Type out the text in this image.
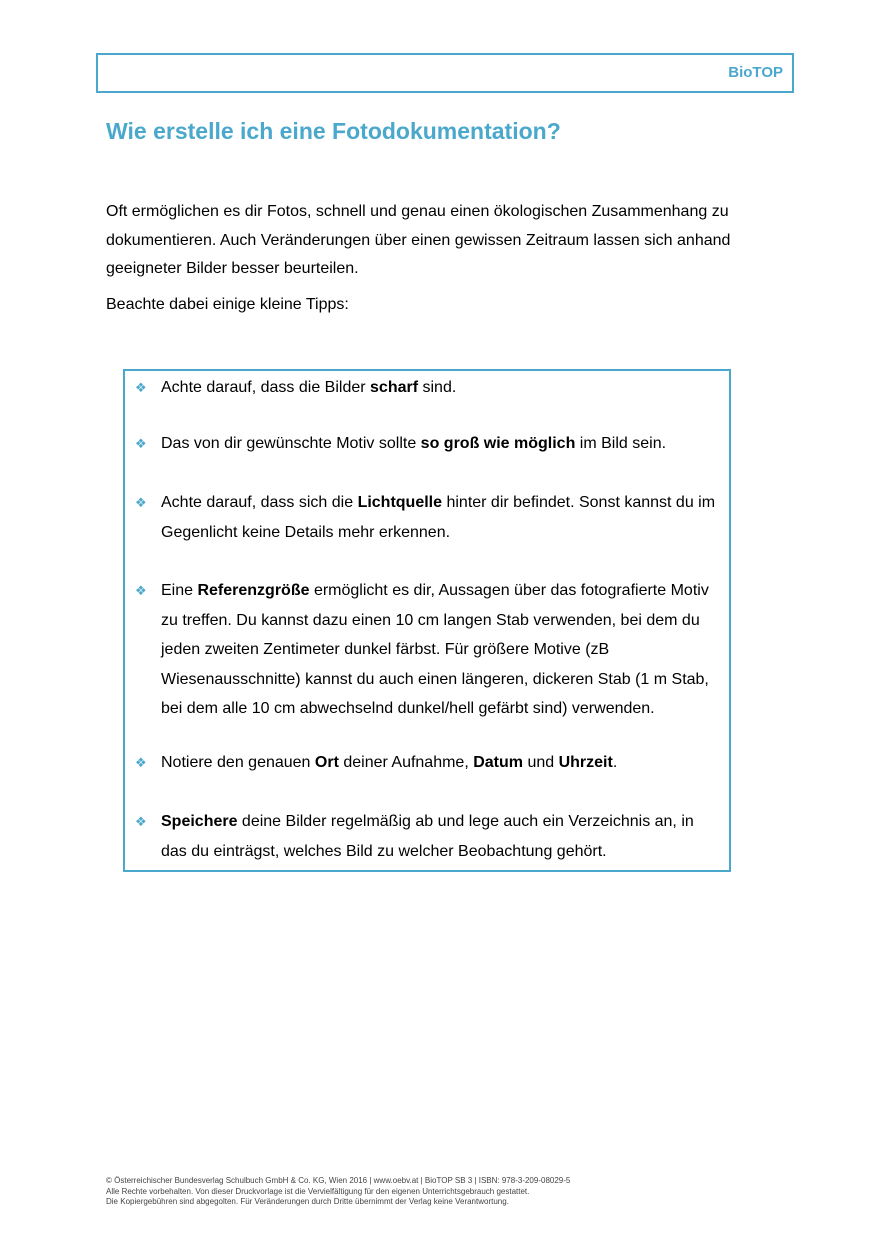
BioTOP
Wie erstelle ich eine Fotodokumentation?

Oft ermöglichen es dir Fotos, schnell und genau einen ökologischen Zusammenhang zu dokumentieren. Auch Veränderungen über einen gewissen Zeitraum lassen sich anhand geeigneter Bilder besser beurteilen.

Beachte dabei einige kleine Tipps:

❖ Achte darauf, dass die Bilder scharf sind.
❖ Das von dir gewünschte Motiv sollte so groß wie möglich im Bild sein.
❖ Achte darauf, dass sich die Lichtquelle hinter dir befindet. Sonst kannst du im Gegenlicht keine Details mehr erkennen.
❖ Eine Referenzgröße ermöglicht es dir, Aussagen über das fotografierte Motiv zu treffen. Du kannst dazu einen 10 cm langen Stab verwenden, bei dem du jeden zweiten Zentimeter dunkel färbst. Für größere Motive (zB Wiesenausschnitte) kannst du auch einen längeren, dickeren Stab (1 m Stab, bei dem alle 10 cm abwechselnd dunkel/hell gefärbt sind) verwenden.
❖ Notiere den genauen Ort deiner Aufnahme, Datum und Uhrzeit.
❖ Speichere deine Bilder regelmäßig ab und lege auch ein Verzeichnis an, in das du einträgst, welches Bild zu welcher Beobachtung gehört.
© Österreichischer Bundesverlag Schulbuch GmbH & Co. KG, Wien 2016 | www.oebv.at | BioTOP SB 3 | ISBN: 978-3-209-08029-5
Alle Rechte vorbehalten. Von dieser Druckvorlage ist die Vervielfältigung für den eigenen Unterrichtsgebrauch gestattet.
Die Kopiergebühren sind abgegolten. Für Veränderungen durch Dritte übernimmt der Verlag keine Verantwortung.
